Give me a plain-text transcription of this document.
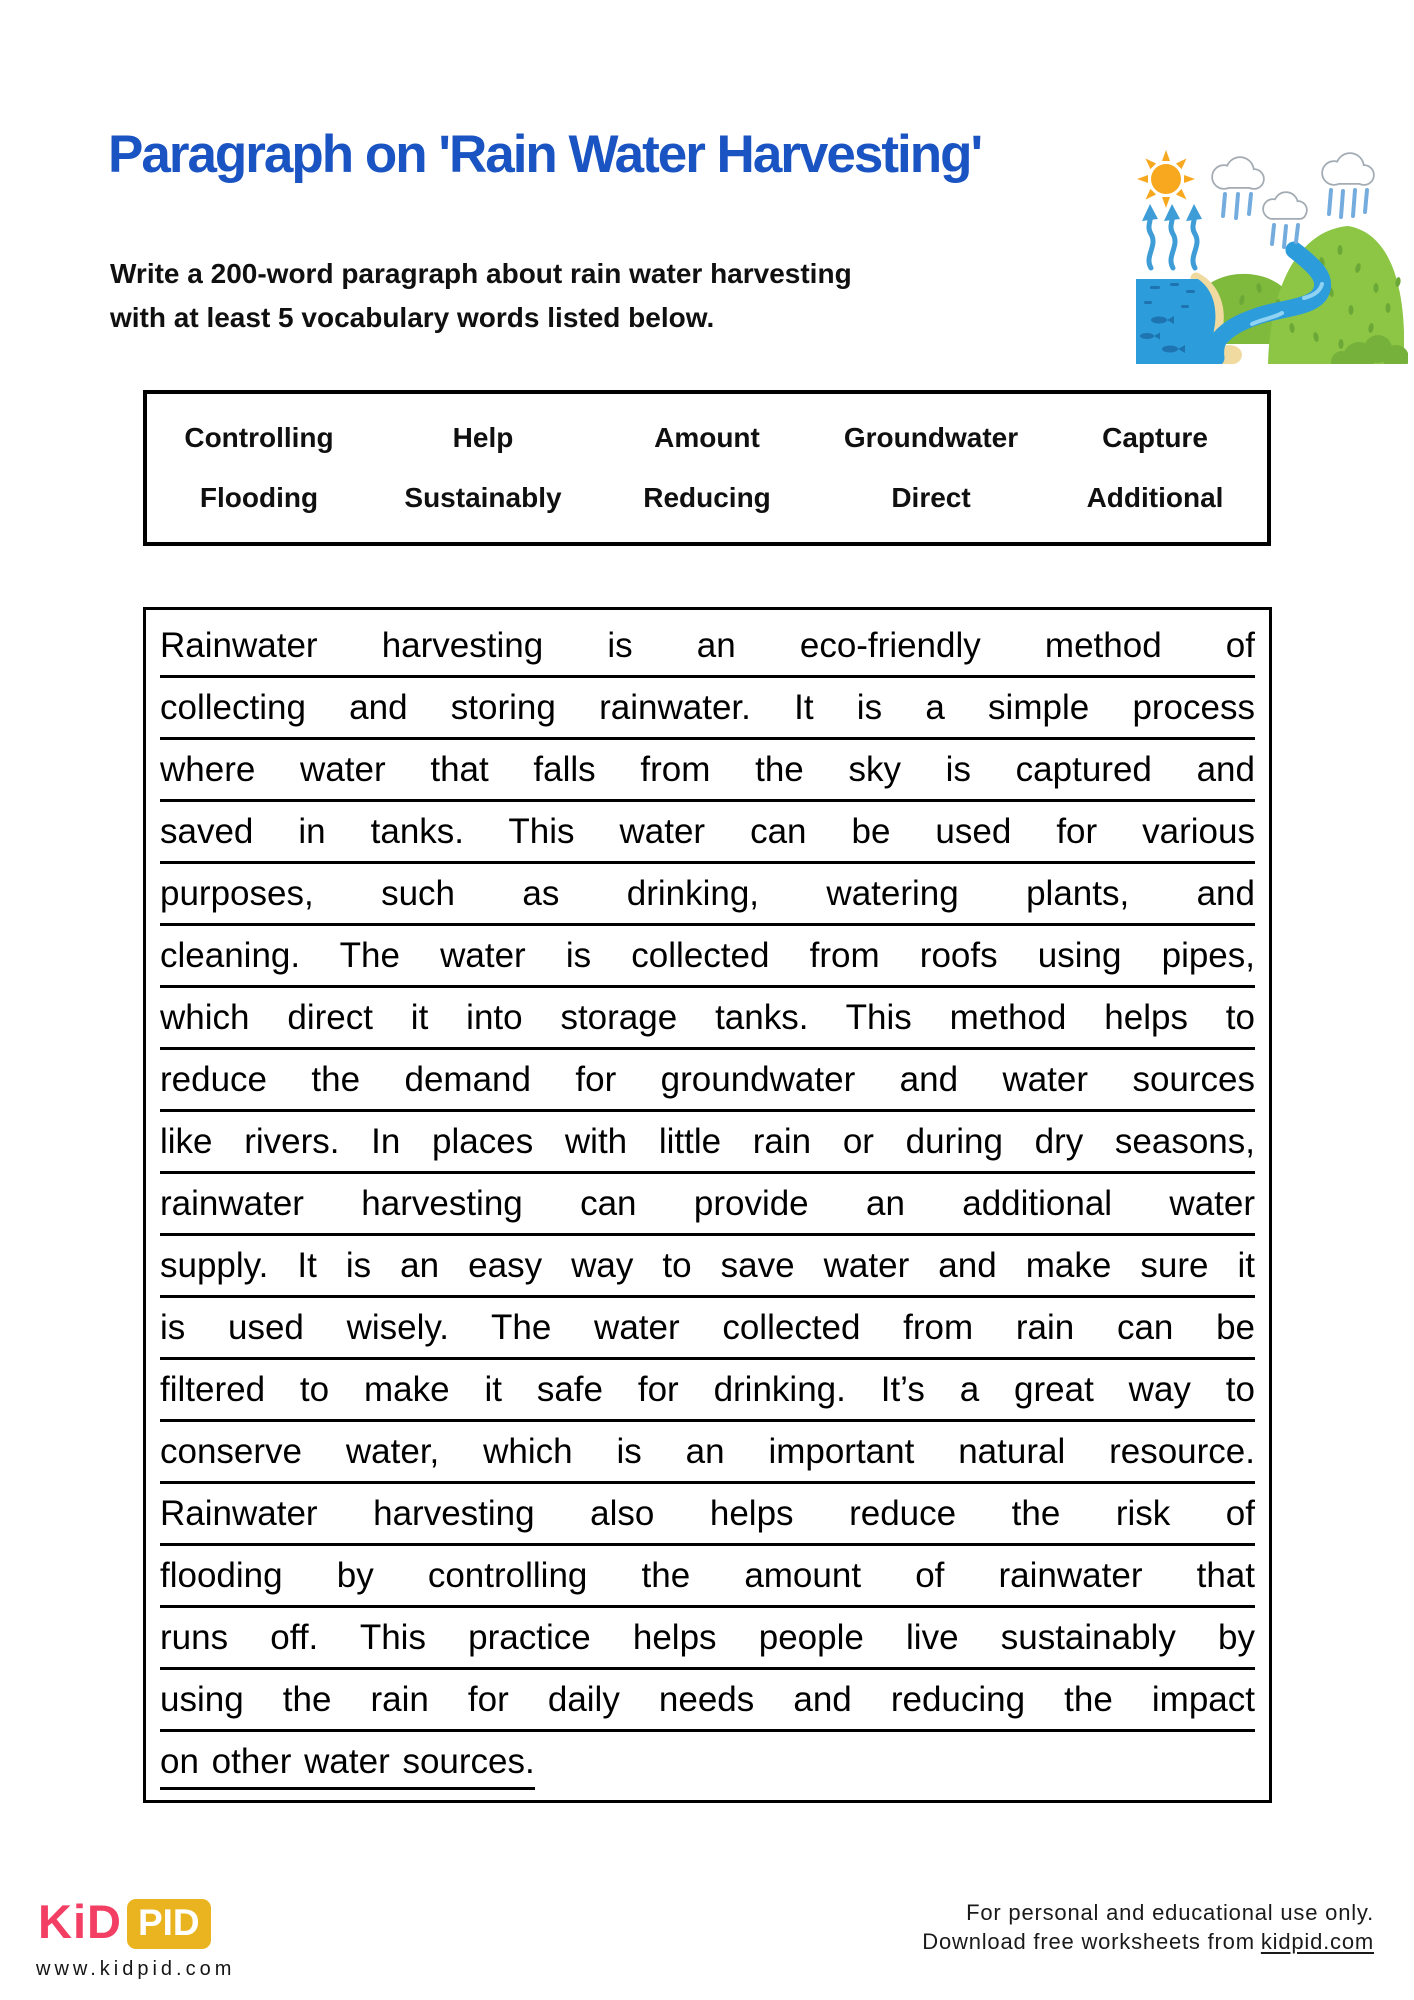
Paragraph on 'Rain Water Harvesting'
Write a 200-word paragraph about rain water harvesting
with at least 5 vocabulary words listed below.
Controlling	Help	Amount	Groundwater	Capture
Flooding	Sustainably	Reducing	Direct	Additional
Rainwater harvesting is an eco-friendly method of
collecting and storing rainwater. It is a simple process
where water that falls from the sky is captured and
saved in tanks. This water can be used for various
purposes, such as drinking, watering plants, and
cleaning. The water is collected from roofs using pipes,
which direct it into storage tanks. This method helps to
reduce the demand for groundwater and water sources
like rivers. In places with little rain or during dry seasons,
rainwater harvesting can provide an additional water
supply. It is an easy way to save water and make sure it
is used wisely. The water collected from rain can be
filtered to make it safe for drinking. It’s a great way to
conserve water, which is an important natural resource.
Rainwater harvesting also helps reduce the risk of
flooding by controlling the amount of rainwater that
runs off. This practice helps people live sustainably by
using the rain for daily needs and reducing the impact
on other water sources.
KiD PID
www.kidpid.com
For personal and educational use only.
Download free worksheets from kidpid.com
